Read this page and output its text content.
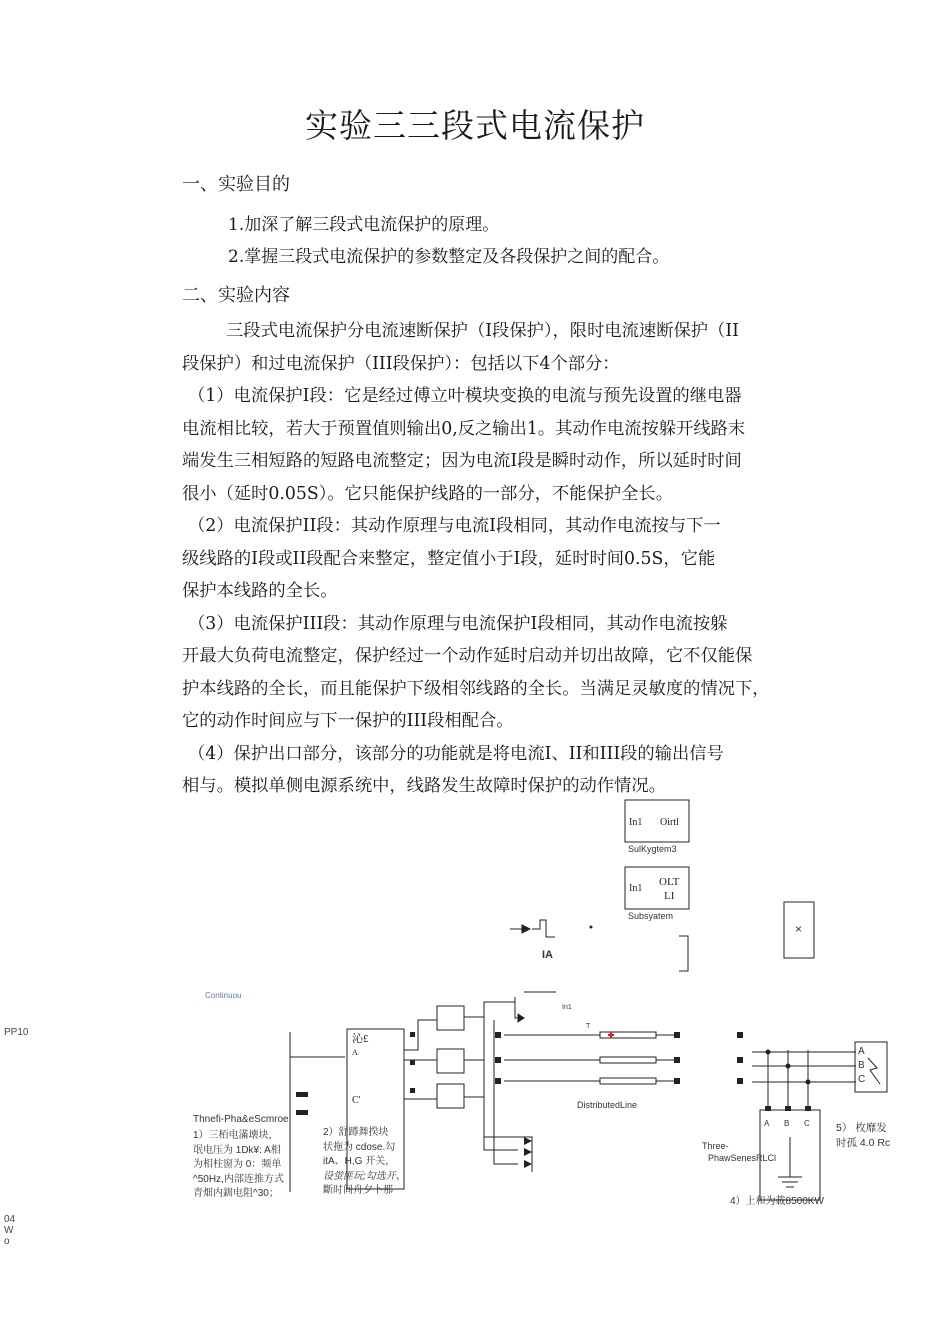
实验三三段式电流保护
一、实验目的
1.加深了解三段式电流保护的原理。
2.掌握三段式电流保护的参数整定及各段保护之间的配合。
二、实验内容
三段式电流保护分电流速断保护（I段保护），限时电流速断保护（II
段保护）和过电流保护（III段保护）：包括以下4个部分：
（1）电流保护I段：它是经过傅立叶模块变换的电流与预先设置的继电器
电流相比较，若大于预置值则输出0,反之输出1。其动作电流按躲开线路末
端发生三相短路的短路电流整定；因为电流I段是瞬时动作，所以延时时间
很小（延时0.05S）。它只能保护线路的一部分，不能保护全长。
（2）电流保护II段：其动作原理与电流I段相同，其动作电流按与下一
级线路的I段或II段配合来整定，整定值小于I段，延时时间0.5S，它能
保护本线路的全长。
（3）电流保护III段：其动作原理与电流保护I段相同，其动作电流按躲
开最大负荷电流整定，保护经过一个动作延时启动并切出故障，它不仅能保
护本线路的全长，而且能保护下级相邻线路的全长。当满足灵敏度的情况下，
它的动作时间应与下一保护的III段相配合。
（4）保护出口部分，该部分的功能就是将电流I、II和III段的输出信号
相与。模拟单侧电源系统中，线路发生故障时保护的动作情况。
In1 Oirtl
In1
OLT
LI
沁£
A
C'
SulKygtem3
Subsyatem
×
IA
In1
T
DistributedLine
Three-
PhawSenesRLCl
A
B
C
A B C
Continuou
Thnefi-Pha&eScmroe
1）三栢电滿壊块，
氓电压为 1Dk¥: A相
为相柱窗为 0：频单
^50Hz,内部连推方式
青畑内釧电阻^30；
2）舒蹲舞揆块
状拖为 cdose.勾
itA、H,G 开关，
设蛍匪玩;勾选开、
斷时间舟夕卜那
5） 枚靡发
时孤 4.0 Rc
4）上和为載8500KW
PP10
04
W
o
